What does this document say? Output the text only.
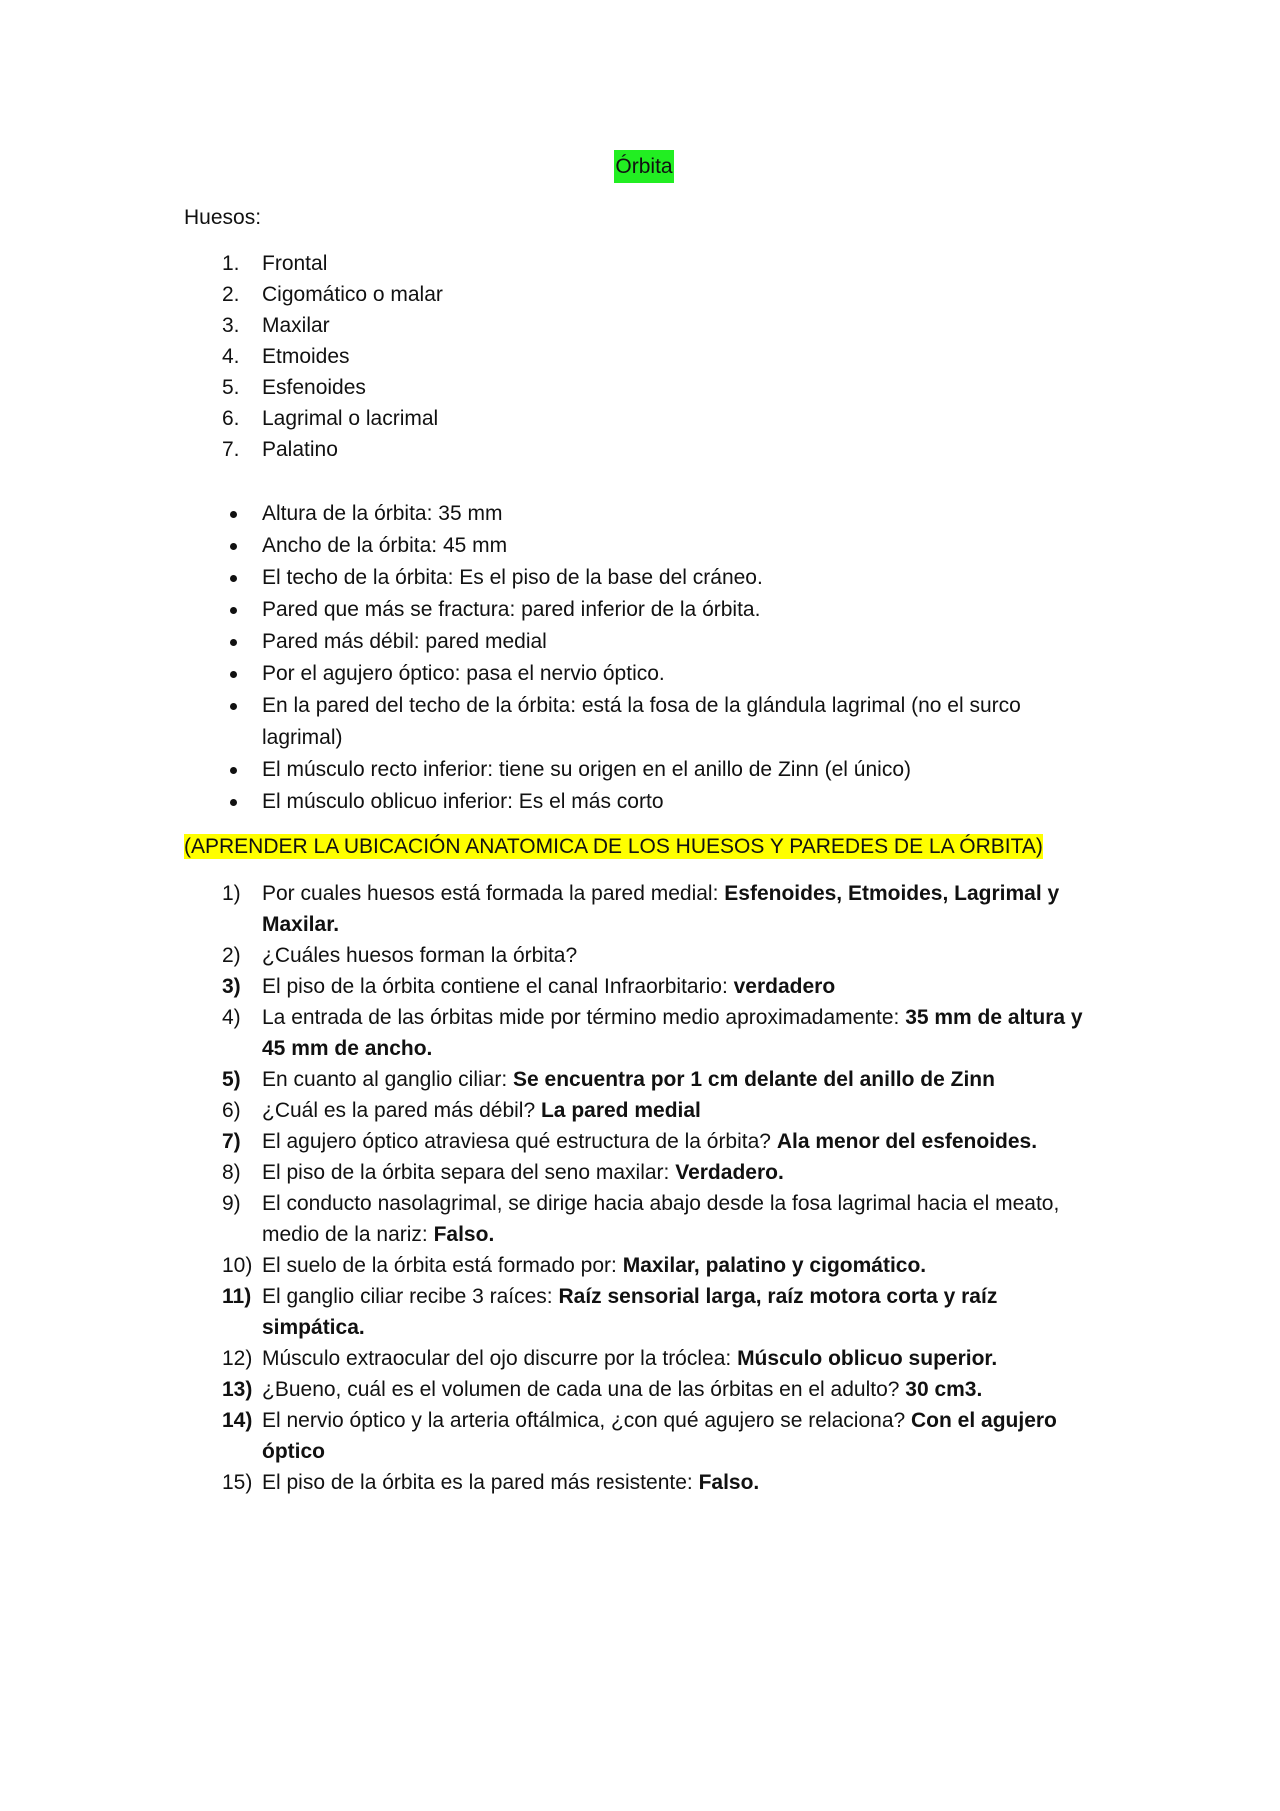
Órbita
Huesos:
1. Frontal
2. Cigomático o malar
3. Maxilar
4. Etmoides
5. Esfenoides
6. Lagrimal o lacrimal
7. Palatino
Altura de la órbita: 35 mm
Ancho de la órbita: 45 mm
El techo de la órbita: Es el piso de la base del cráneo.
Pared que más se fractura: pared inferior de la órbita.
Pared más débil: pared medial
Por el agujero óptico: pasa el nervio óptico.
En la pared del techo de la órbita: está la fosa de la glándula lagrimal (no el surco lagrimal)
El músculo recto inferior: tiene su origen en el anillo de Zinn (el único)
El músculo oblicuo inferior: Es el más corto
(APRENDER LA UBICACIÓN ANATOMICA DE LOS HUESOS Y PAREDES DE LA ÓRBITA)
1) Por cuales huesos está formada la pared medial: Esfenoides, Etmoides, Lagrimal y Maxilar.
2) ¿Cuáles huesos forman la órbita?
3) El piso de la órbita contiene el canal Infraorbitario: verdadero
4) La entrada de las órbitas mide por término medio aproximadamente: 35 mm de altura y 45 mm de ancho.
5) En cuanto al ganglio ciliar: Se encuentra por 1 cm delante del anillo de Zinn
6) ¿Cuál es la pared más débil? La pared medial
7) El agujero óptico atraviesa qué estructura de la órbita? Ala menor del esfenoides.
8) El piso de la órbita separa del seno maxilar: Verdadero.
9) El conducto nasolagrimal, se dirige hacia abajo desde la fosa lagrimal hacia el meato, medio de la nariz: Falso.
10) El suelo de la órbita está formado por: Maxilar, palatino y cigomático.
11) El ganglio ciliar recibe 3 raíces: Raíz sensorial larga, raíz motora corta y raíz simpática.
12) Músculo extraocular del ojo discurre por la tróclea: Músculo oblicuo superior.
13) ¿Bueno, cuál es el volumen de cada una de las órbitas en el adulto? 30 cm3.
14) El nervio óptico y la arteria oftálmica, ¿con qué agujero se relaciona? Con el agujero óptico
15) El piso de la órbita es la pared más resistente: Falso.
